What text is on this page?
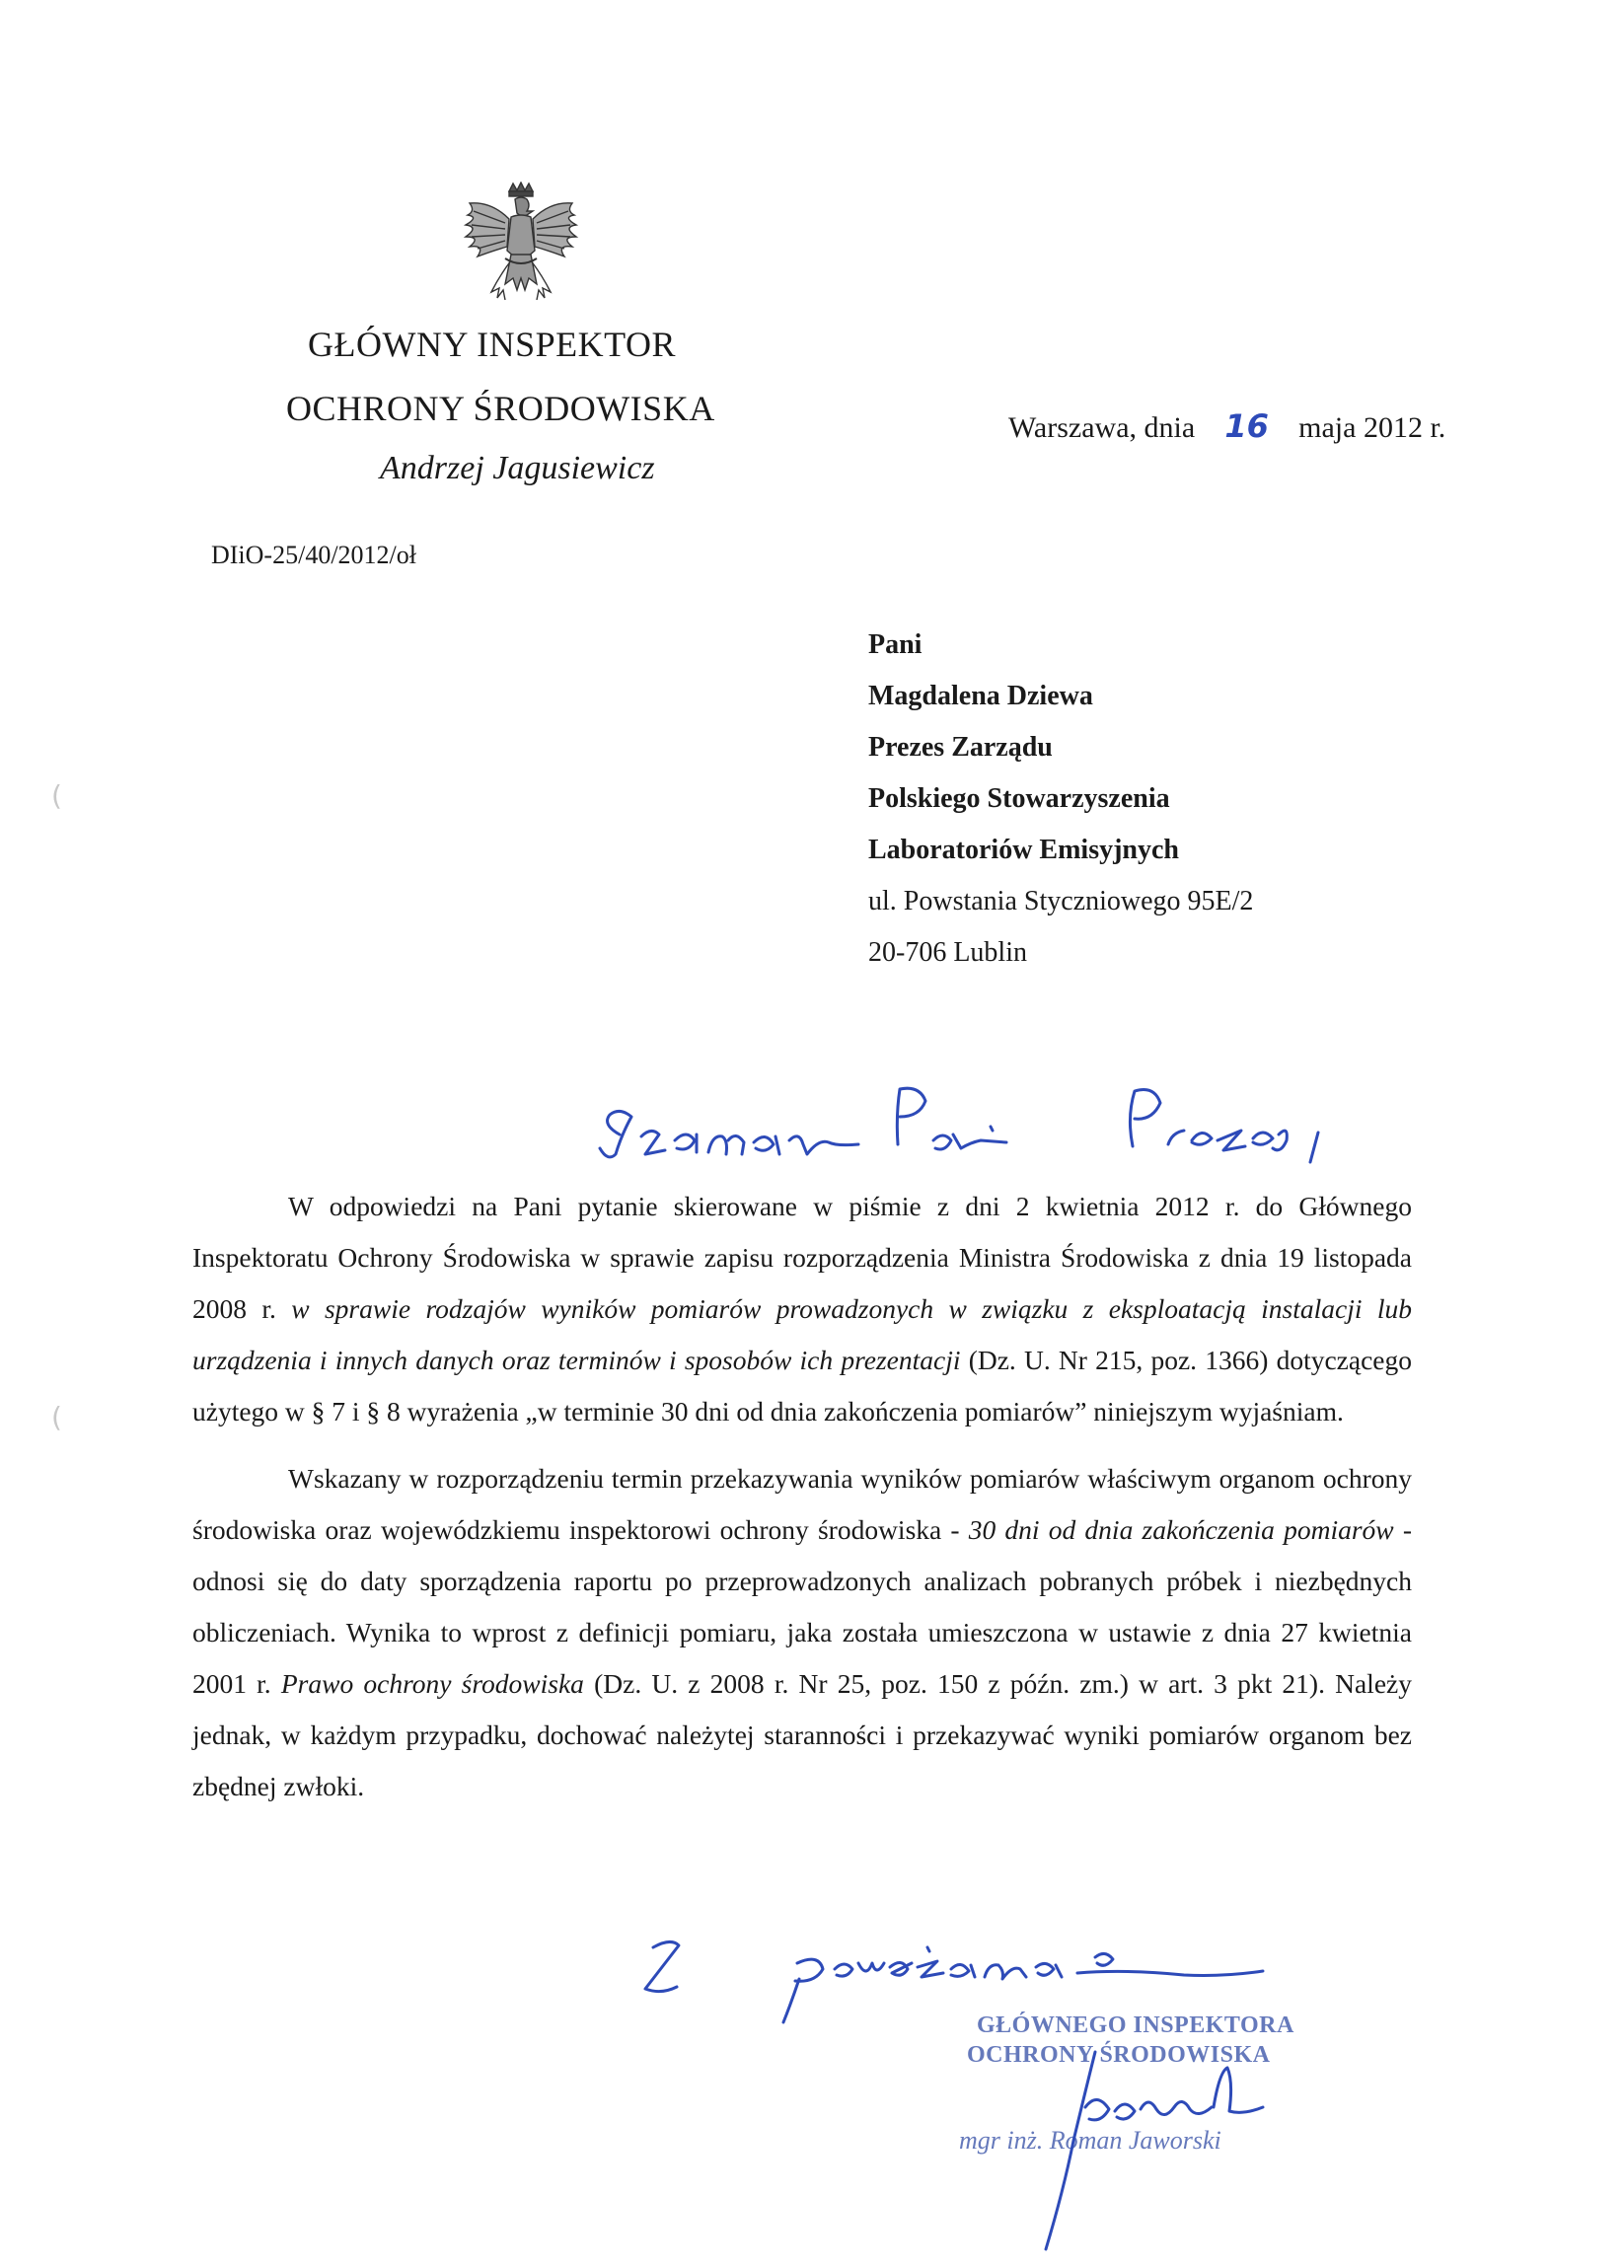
GŁÓWNY INSPEKTOR
OCHRONY ŚRODOWISKA
Andrzej Jagusiewicz
Warszawa, dnia 16 maja 2012 r.
DIiO-25/40/2012/oł
Pani
Magdalena Dziewa
Prezes Zarządu
Polskiego Stowarzyszenia
Laboratoriów Emisyjnych
ul. Powstania Styczniowego 95E/2
20-706 Lublin

W odpowiedzi na Pani pytanie skierowane w piśmie z dni 2 kwietnia 2012 r. do Głównego Inspektoratu Ochrony Środowiska w sprawie zapisu rozporządzenia Ministra Środowiska z dnia 19 listopada 2008 r. w sprawie rodzajów wyników pomiarów prowadzonych w związku z eksploatacją instalacji lub urządzenia i innych danych oraz terminów i sposobów ich prezentacji (Dz. U. Nr 215, poz. 1366) dotyczącego użytego w § 7 i § 8 wyrażenia „w terminie 30 dni od dnia zakończenia pomiarów” niniejszym wyjaśniam.

Wskazany w rozporządzeniu termin przekazywania wyników pomiarów właściwym organom ochrony środowiska oraz wojewódzkiemu inspektorowi ochrony środowiska - 30 dni od dnia zakończenia pomiarów - odnosi się do daty sporządzenia raportu po przeprowadzonych analizach pobranych próbek i niezbędnych obliczeniach. Wynika to wprost z definicji pomiaru, jaka została umieszczona w ustawie z dnia 27 kwietnia 2001 r. Prawo ochrony środowiska (Dz. U. z 2008 r. Nr 25, poz. 150 z późn. zm.) w art. 3 pkt 21). Należy jednak, w każdym przypadku, dochować należytej staranności i przekazywać wyniki pomiarów organom bez zbędnej zwłoki.

GŁÓWNEGO INSPEKTORA
OCHRONY ŚRODOWISKA
mgr inż. Roman Jaworski
(
(
